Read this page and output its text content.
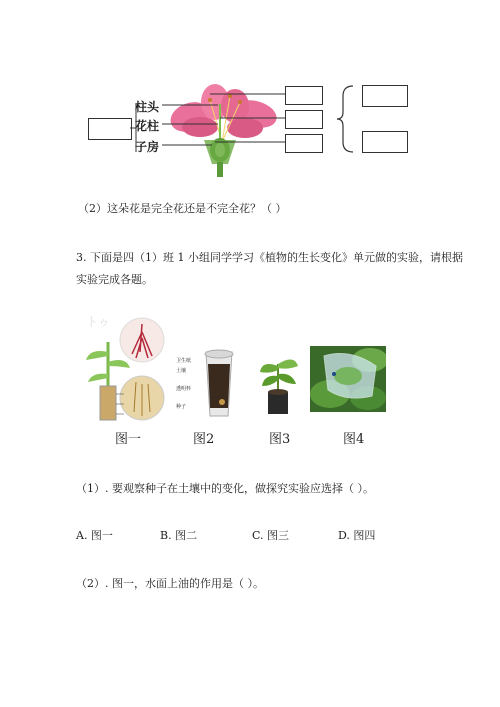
柱头
花柱
子房
（2）这朵花是完全花还是不完全花？（ ）
3. 下面是四（1）班 1 小组同学学习《植物的生长变化》单元做的实验，请根据
实验完成各题。
トゥ
卫生纸
土壤
透明杯
种子
图一	图2	图3	图4
（1）. 要观察种子在土壤中的变化，做探究实验应选择（ ）。
A. 图一	B. 图二	C. 图三	D. 图四
（2）. 图一，水面上油的作用是（ ）。
